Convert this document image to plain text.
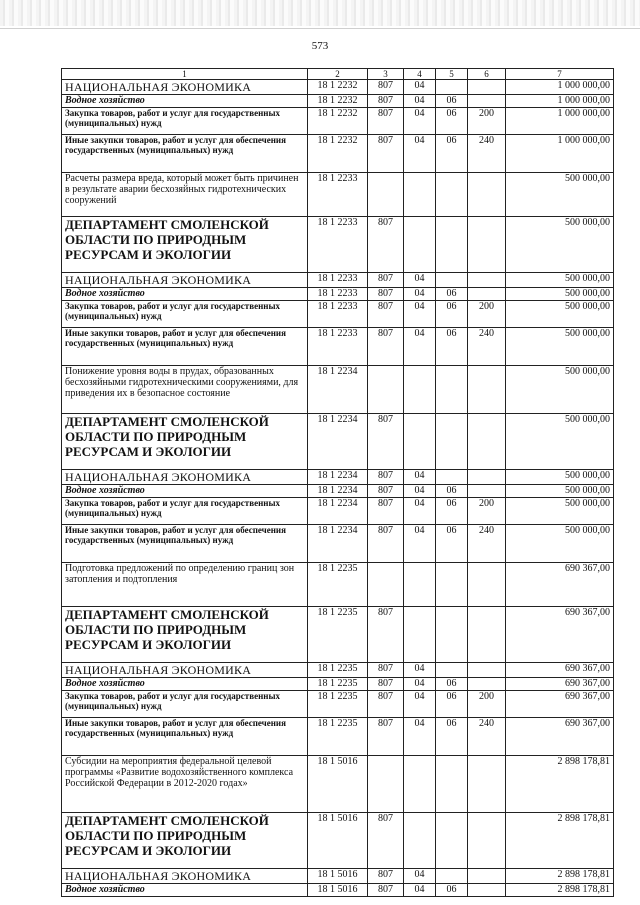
573
1	2	3	4	5	6	7
НАЦИОНАЛЬНАЯ ЭКОНОМИКА	18 1 2232	807	04			1 000 000,00
Водное хозяйство	18 1 2232	807	04	06		1 000 000,00
Закупка товаров, работ и услуг для государственных (муниципальных) нужд	18 1 2232	807	04	06	200	1 000 000,00
Иные закупки товаров, работ и услуг для обеспечения государственных (муниципальных) нужд	18 1 2232	807	04	06	240	1 000 000,00
Расчеты размера вреда, который может быть причинен в результате аварии бесхозяйных гидротехнических сооружений	18 1 2233					500 000,00
ДЕПАРТАМЕНТ СМОЛЕНСКОЙ ОБЛАСТИ ПО ПРИРОДНЫМ РЕСУРСАМ И ЭКОЛОГИИ	18 1 2233	807				500 000,00
НАЦИОНАЛЬНАЯ ЭКОНОМИКА	18 1 2233	807	04			500 000,00
Водное хозяйство	18 1 2233	807	04	06		500 000,00
Закупка товаров, работ и услуг для государственных (муниципальных) нужд	18 1 2233	807	04	06	200	500 000,00
Иные закупки товаров, работ и услуг для обеспечения государственных (муниципальных) нужд	18 1 2233	807	04	06	240	500 000,00
Понижение уровня воды в прудах, образованных бесхозяйными гидротехническими сооружениями, для приведения их в безопасное состояние	18 1 2234					500 000,00
ДЕПАРТАМЕНТ СМОЛЕНСКОЙ ОБЛАСТИ ПО ПРИРОДНЫМ РЕСУРСАМ И ЭКОЛОГИИ	18 1 2234	807				500 000,00
НАЦИОНАЛЬНАЯ ЭКОНОМИКА	18 1 2234	807	04			500 000,00
Водное хозяйство	18 1 2234	807	04	06		500 000,00
Закупка товаров, работ и услуг для государственных (муниципальных) нужд	18 1 2234	807	04	06	200	500 000,00
Иные закупки товаров, работ и услуг для обеспечения государственных (муниципальных) нужд	18 1 2234	807	04	06	240	500 000,00
Подготовка предложений по определению границ зон затопления и подтопления	18 1 2235					690 367,00
ДЕПАРТАМЕНТ СМОЛЕНСКОЙ ОБЛАСТИ ПО ПРИРОДНЫМ РЕСУРСАМ И ЭКОЛОГИИ	18 1 2235	807				690 367,00
НАЦИОНАЛЬНАЯ ЭКОНОМИКА	18 1 2235	807	04			690 367,00
Водное хозяйство	18 1 2235	807	04	06		690 367,00
Закупка товаров, работ и услуг для государственных (муниципальных) нужд	18 1 2235	807	04	06	200	690 367,00
Иные закупки товаров, работ и услуг для обеспечения государственных (муниципальных) нужд	18 1 2235	807	04	06	240	690 367,00
Субсидии на мероприятия федеральной целевой программы «Развитие водохозяйственного комплекса Российской Федерации в 2012-2020 годах»	18 1 5016					2 898 178,81
ДЕПАРТАМЕНТ СМОЛЕНСКОЙ ОБЛАСТИ ПО ПРИРОДНЫМ РЕСУРСАМ И ЭКОЛОГИИ	18 1 5016	807				2 898 178,81
НАЦИОНАЛЬНАЯ ЭКОНОМИКА	18 1 5016	807	04			2 898 178,81
Водное хозяйство	18 1 5016	807	04	06		2 898 178,81
